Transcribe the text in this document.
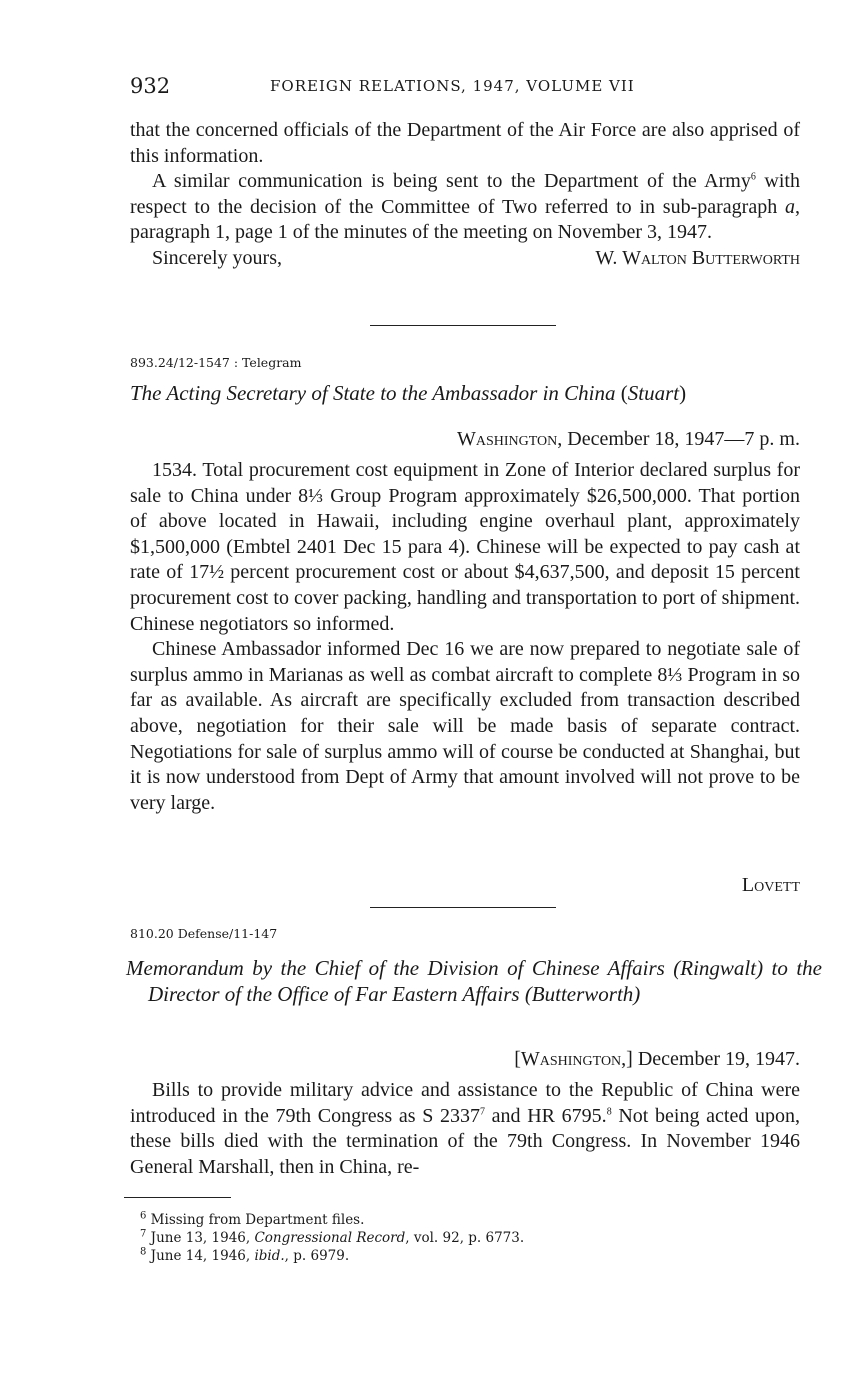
932	FOREIGN RELATIONS, 1947, VOLUME VII

that the concerned officials of the Department of the Air Force are also apprised of this information.

A similar communication is being sent to the Department of the Army$^6$ with respect to the decision of the Committee of Two referred to in sub-paragraph a, paragraph 1, page 1 of the minutes of the meeting on November 3, 1947.

Sincerely yours,	W. Walton Butterworth
893.24/12-1547 : Telegram
The Acting Secretary of State to the Ambassador in China (Stuart)
Washington, December 18, 1947—7 p. m.

1534. Total procurement cost equipment in Zone of Interior declared surplus for sale to China under 8⅓ Group Program approximately $26,500,000. That portion of above located in Hawaii, including engine overhaul plant, approximately $1,500,000 (Embtel 2401 Dec 15 para 4). Chinese will be expected to pay cash at rate of 17½ percent procurement cost or about $4,637,500, and deposit 15 percent procurement cost to cover packing, handling and transportation to port of shipment. Chinese negotiators so informed.

Chinese Ambassador informed Dec 16 we are now prepared to negotiate sale of surplus ammo in Marianas as well as combat aircraft to complete 8⅓ Program in so far as available. As aircraft are specifically excluded from transaction described above, negotiation for their sale will be made basis of separate contract. Negotiations for sale of surplus ammo will of course be conducted at Shanghai, but it is now understood from Dept of Army that amount involved will not prove to be very large.

Lovett
810.20 Defense/11-147
Memorandum by the Chief of the Division of Chinese Affairs (Ringwalt) to the Director of the Office of Far Eastern Affairs (Butterworth)
[Washington,] December 19, 1947.

Bills to provide military advice and assistance to the Republic of China were introduced in the 79th Congress as S 2337$^7$ and HR 6795.$^8$ Not being acted upon, these bills died with the termination of the 79th Congress. In November 1946 General Marshall, then in China, re-

$^6$ Missing from Department files.
$^7$ June 13, 1946, Congressional Record, vol. 92, p. 6773.
$^8$ June 14, 1946, ibid., p. 6979.
